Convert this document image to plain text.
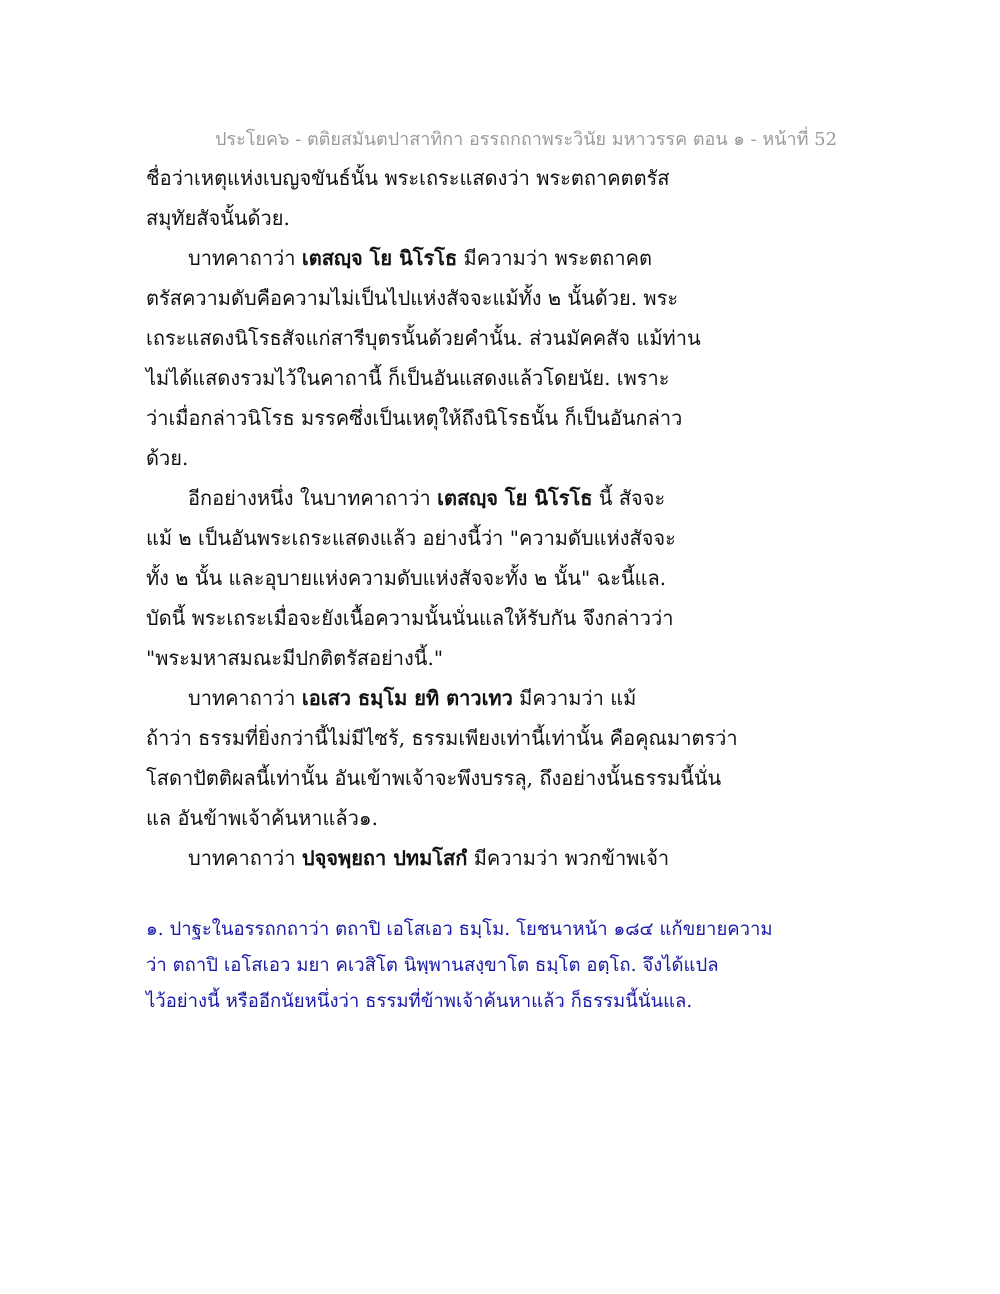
ประโยค๖ - ตติยสมันตปาสาทิกา อรรถกถาพระวินัย มหาวรรค ตอน ๑ - หน้าที่ 52
ชื่อว่าเหตุแห่งเบญจขันธ์นั้น พระเถระแสดงว่า พระตถาคตตรัส
สมุทัยสัจนั้นด้วย.
บาทคาถาว่า เตสญฺจ โย นิโรโธ มีความว่า พระตถาคต
ตรัสความดับคือความไม่เป็นไปแห่งสัจจะแม้ทั้ง ๒ นั้นด้วย. พระ
เถระแสดงนิโรธสัจแก่สารีบุตรนั้นด้วยคำนั้น. ส่วนมัคคสัจ แม้ท่าน
ไม่ได้แสดงรวมไว้ในคาถานี้ ก็เป็นอันแสดงแล้วโดยนัย. เพราะ
ว่าเมื่อกล่าวนิโรธ มรรคซึ่งเป็นเหตุให้ถึงนิโรธนั้น ก็เป็นอันกล่าว
ด้วย.
อีกอย่างหนึ่ง ในบาทคาถาว่า เตสญฺจ โย นิโรโธ นี้ สัจจะ
แม้ ๒ เป็นอันพระเถระแสดงแล้ว อย่างนี้ว่า "ความดับแห่งสัจจะ
ทั้ง ๒ นั้น และอุบายแห่งความดับแห่งสัจจะทั้ง ๒ นั้น" ฉะนี้แล.
บัดนี้ พระเถระเมื่อจะยังเนื้อความนั้นนั่นแลให้รับกัน จึงกล่าวว่า
"พระมหาสมณะมีปกติตรัสอย่างนี้."
บาทคาถาว่า เอเสว ธมฺโม ยทิ ตาวเทว มีความว่า แม้
ถ้าว่า ธรรมที่ยิ่งกว่านี้ไม่มีไซร้, ธรรมเพียงเท่านี้เท่านั้น คือคุณมาตรว่า
โสดาปัตติผลนี้เท่านั้น อันเข้าพเจ้าจะพึงบรรลุ, ถึงอย่างนั้นธรรมนี้นั่น
แล อันข้าพเจ้าค้นหาแล้ว๑.
บาทคาถาว่า ปจฺจพฺยถา ปทมโสกํ มีความว่า พวกข้าพเจ้า
๑. ปาฐะในอรรถกถาว่า ตถาปิ เอโสเอว ธมฺโม. โยชนาหน้า ๑๘๔ แก้ขยายความ
ว่า ตถาปิ เอโสเอว มยา คเวสิโต นิพฺพานสงฺขาโต ธมฺโต อตฺโถ. จึงได้แปล
ไว้อย่างนี้ หรืออีกนัยหนึ่งว่า ธรรมที่ข้าพเจ้าค้นหาแล้ว ก็ธรรมนี้นั่นแล.
